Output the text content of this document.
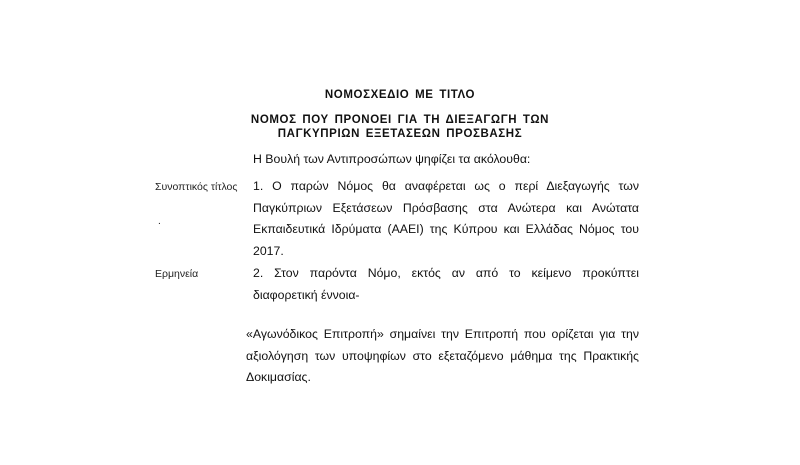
ΝΟΜΟΣΧΕΔΙΟ ΜΕ ΤΙΤΛΟ
ΝΟΜΟΣ ΠΟΥ ΠΡΟΝΟΕΙ ΓΙΑ ΤΗ ΔΙΕΞΑΓΩΓΗ ΤΩΝ
ΠΑΓΚΥΠΡΙΩΝ ΕΞΕΤΑΣΕΩΝ ΠΡΟΣΒΑΣΗΣ
Η Βουλή των Αντιπροσώπων ψηφίζει τα ακόλουθα:
Συνοπτικός τίτλος 1. Ο παρών Νόμος θα αναφέρεται ως ο περί Διεξαγωγής των Παγκύπριων Εξετάσεων Πρόσβασης στα Ανώτερα και Ανώτατα Εκπαιδευτικά Ιδρύματα (ΑΑΕΙ) της Κύπρου και Ελλάδας Νόμος του 2017.
.
Ερμηνεία	2. Στον παρόντα Νόμο, εκτός αν από το κείμενο προκύπτει διαφορετική έννοια-
«Αγωνόδικος Επιτροπή» σημαίνει την Επιτροπή που ορίζεται για την αξιολόγηση των υποψηφίων στο εξεταζόμενο μάθημα της Πρακτικής Δοκιμασίας.
